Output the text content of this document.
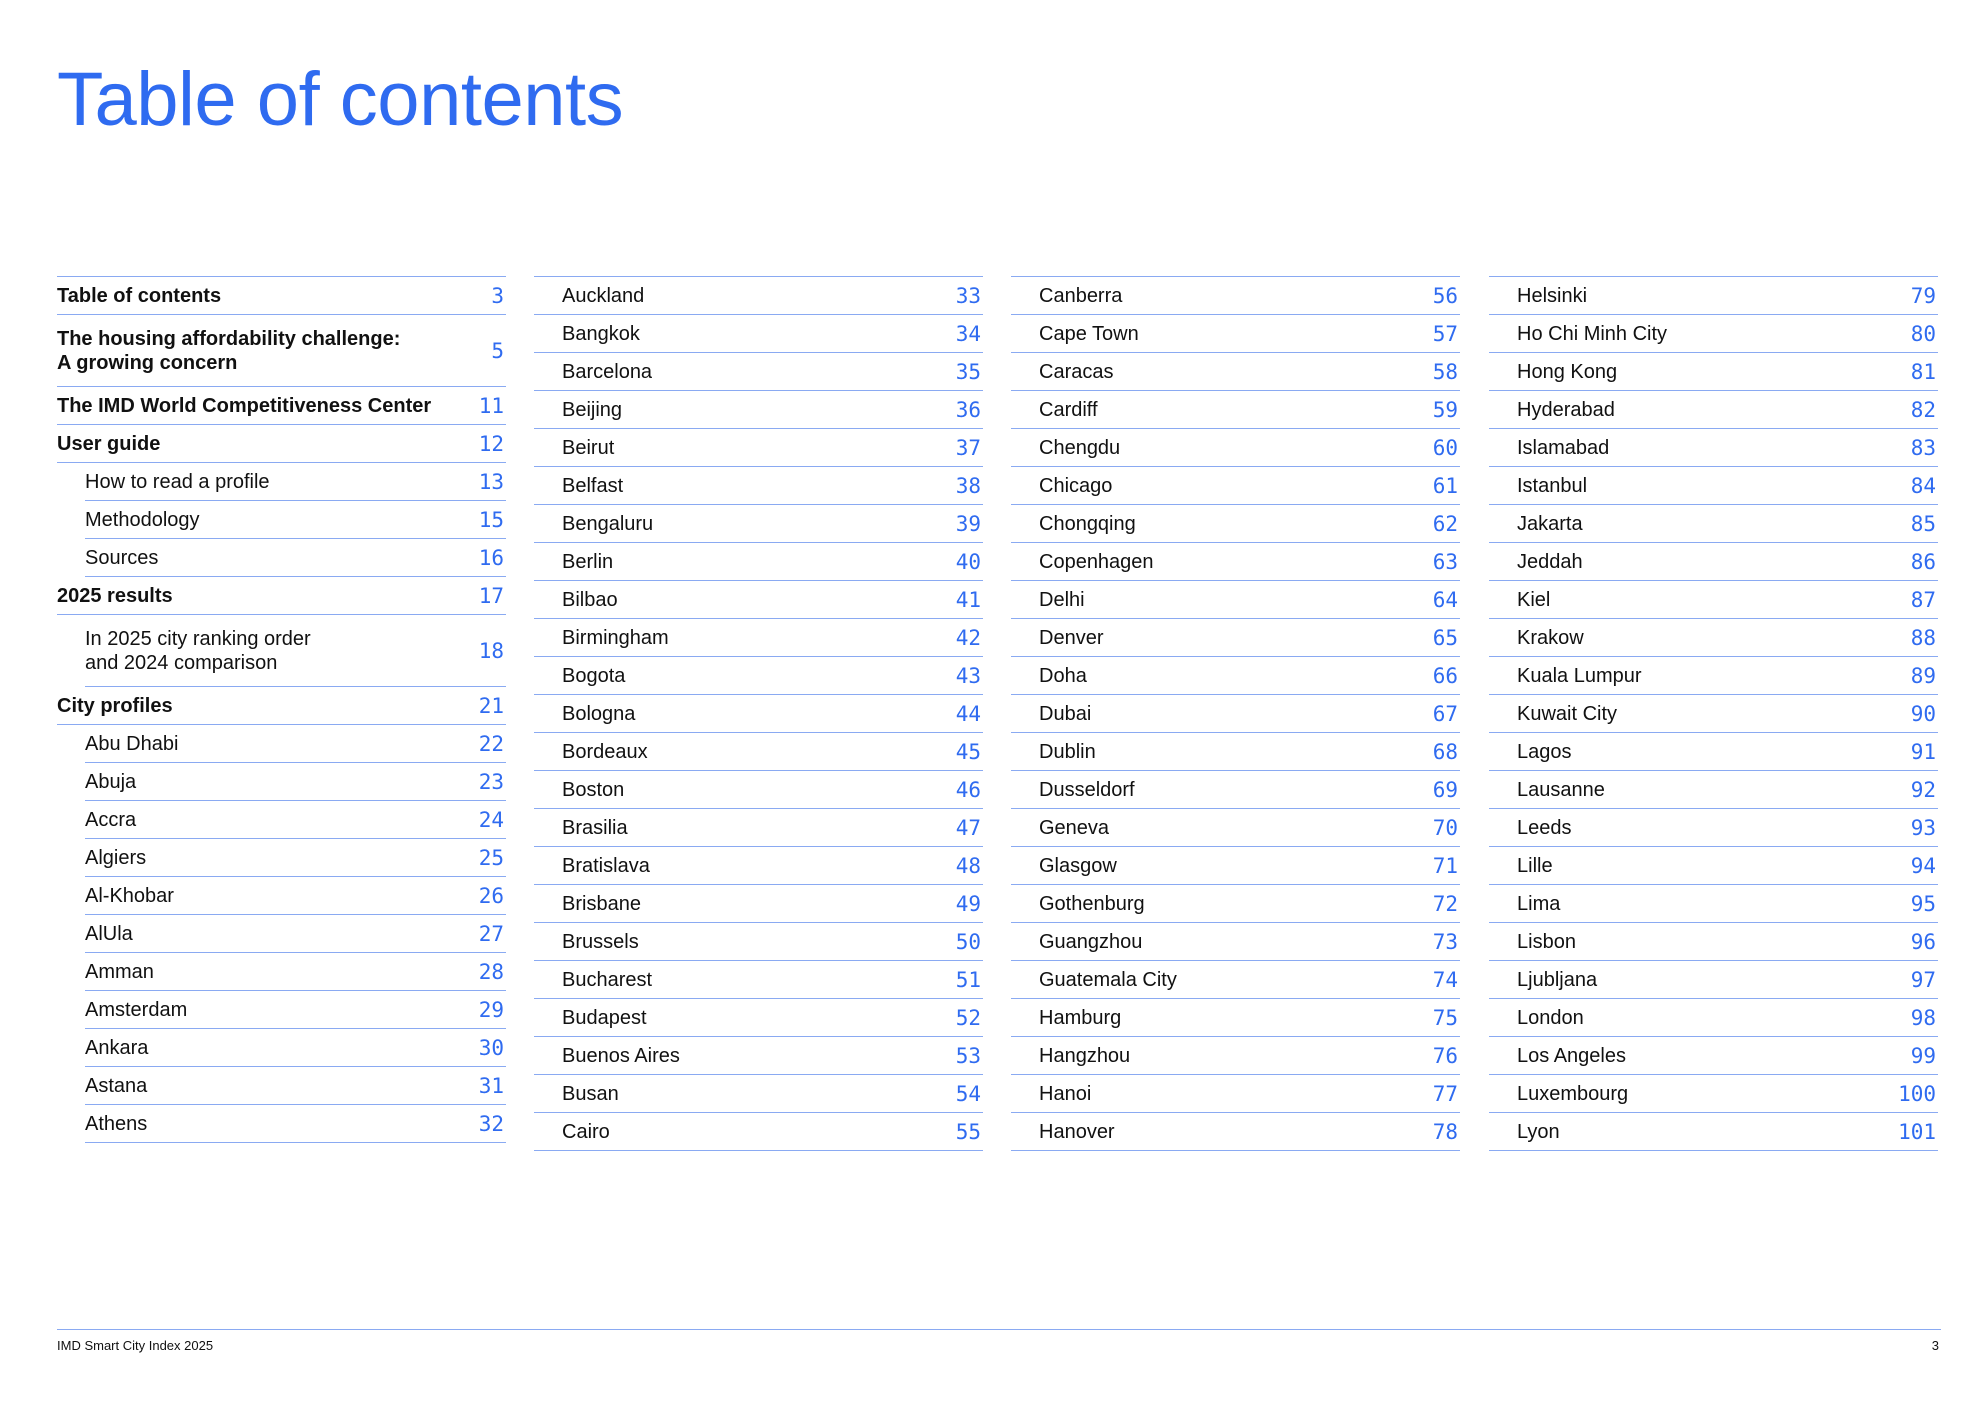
Table of contents
Table of contents	3
The housing affordability challenge:
A growing concern	5
The IMD World Competitiveness Center 11
User guide	12
How to read a profile	13
Methodology	15
Sources	16
2025 results	17
In 2025 city ranking order
and 2024 comparison	18
City profiles	21
Abu Dhabi	22
Abuja	23
Accra	24
Algiers	25
Al-Khobar	26
AlUla	27
Amman	28
Amsterdam	29
Ankara	30
Astana	31
Athens	32
Auckland	33
Bangkok	34
Barcelona	35
Beijing	36
Beirut	37
Belfast	38
Bengaluru	39
Berlin	40
Bilbao	41
Birmingham	42
Bogota	43
Bologna	44
Bordeaux	45
Boston	46
Brasilia	47
Bratislava	48
Brisbane	49
Brussels	50
Bucharest	51
Budapest	52
Buenos Aires	53
Busan	54
Cairo	55
Canberra	56
Cape Town	57
Caracas	58
Cardiff	59
Chengdu	60
Chicago	61
Chongqing	62
Copenhagen	63
Delhi	64
Denver	65
Doha	66
Dubai	67
Dublin	68
Dusseldorf	69
Geneva	70
Glasgow	71
Gothenburg	72
Guangzhou	73
Guatemala City	74
Hamburg	75
Hangzhou	76
Hanoi	77
Hanover	78
Helsinki	79
Ho Chi Minh City	80
Hong Kong	81
Hyderabad	82
Islamabad	83
Istanbul	84
Jakarta	85
Jeddah	86
Kiel	87
Krakow	88
Kuala Lumpur	89
Kuwait City	90
Lagos	91
Lausanne	92
Leeds	93
Lille	94
Lima	95
Lisbon	96
Ljubljana	97
London	98
Los Angeles	99
Luxembourg	100
Lyon	101
IMD Smart City Index 2025	3
